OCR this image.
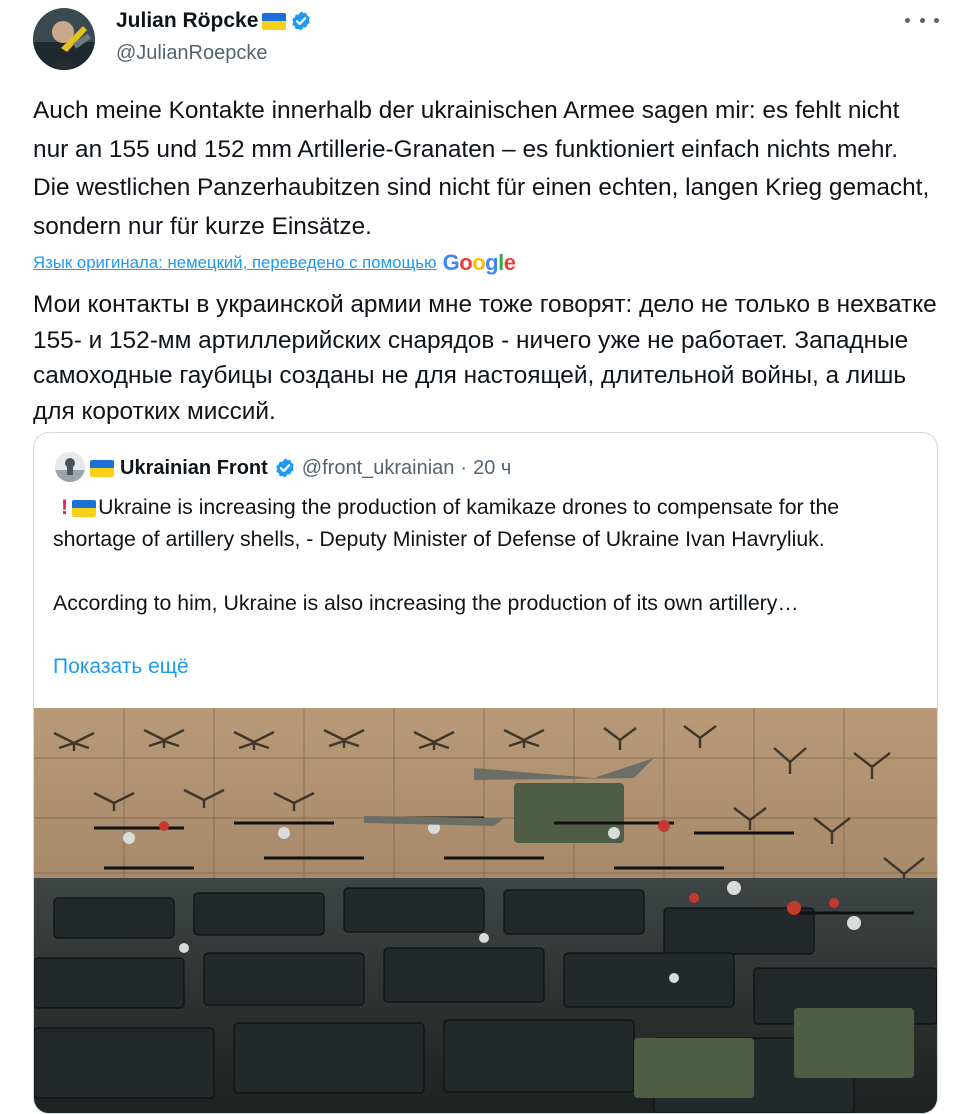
Julian Röpcke
@JulianRoepcke
Auch meine Kontakte innerhalb der ukrainischen Armee sagen mir: es fehlt nicht nur an 155 und 152 mm Artillerie-Granaten – es funktioniert einfach nichts mehr. Die westlichen Panzerhaubitzen sind nicht für einen echten, langen Krieg gemacht, sondern nur für kurze Einsätze.
Язык оригинала: немецкий, переведено с помощью Google
Мои контакты в украинской армии мне тоже говорят: дело не только в нехватке 155- и 152-мм артиллерийских снарядов - ничего уже не работает. Западные самоходные гаубицы созданы не для настоящей, длительной войны, а лишь для коротких миссий.
Ukrainian Front @front_ukrainian · 20 ч

! Ukraine is increasing the production of kamikaze drones to compensate for the shortage of artillery shells, - Deputy Minister of Defense of Ukraine Ivan Havryliuk.

According to him, Ukraine is also increasing the production of its own artillery…

Показать ещё
